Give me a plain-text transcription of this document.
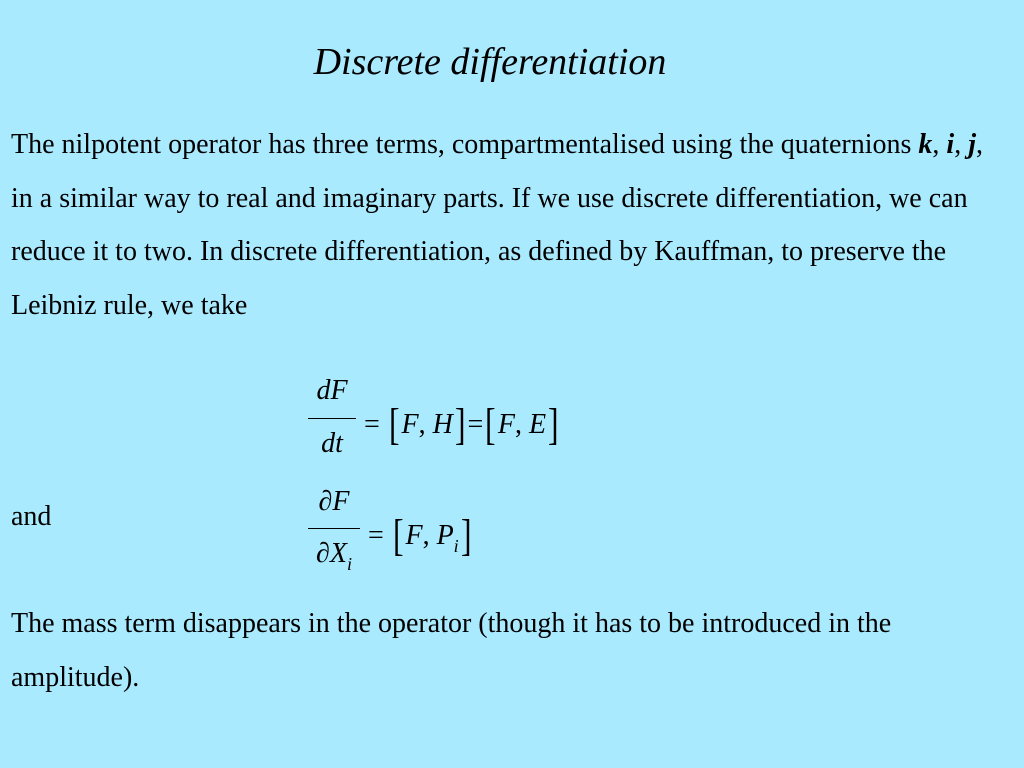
Discrete differentiation

The nilpotent operator has three terms, compartmentalised using the quaternions k, i, j, in a similar way to real and imaginary parts. If we use discrete differentiation, we can reduce it to two. In discrete differentiation, as defined by Kauffman, to preserve the Leibniz rule, we take

dF
dt
= [F, H]=[F, E]
and	∂F
$\partial X_i$
= [F, $P_i$]

The mass term disappears in the operator (though it has to be introduced in the amplitude).
